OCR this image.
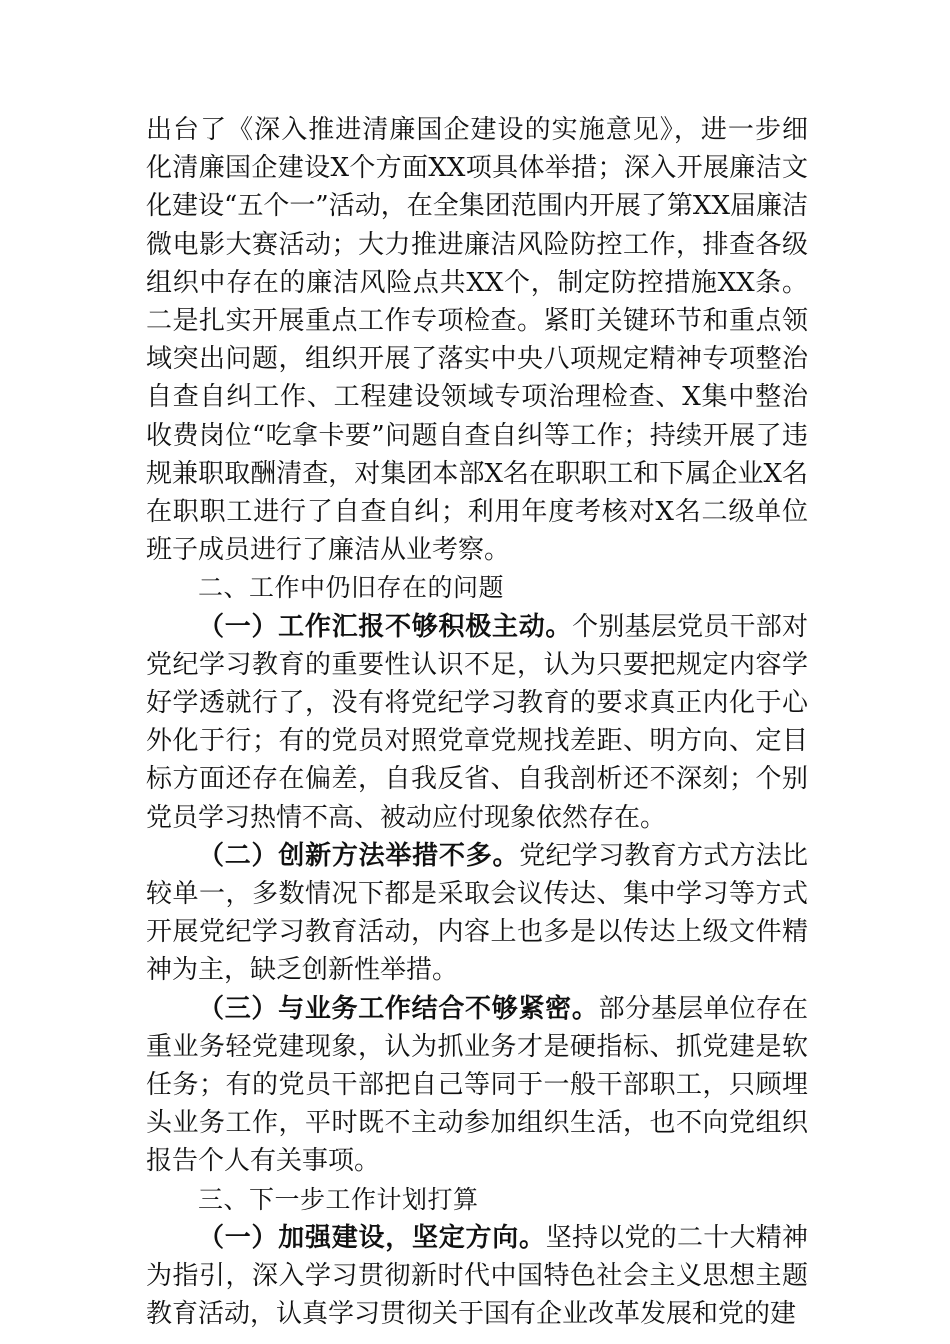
出台了《深入推进清廉国企建设的实施意见》，进一步细化清廉国企建设X个方面XX项具体举措；深入开展廉洁文化建设“五个一”活动，在全集团范围内开展了第XX届廉洁微电影大赛活动；大力推进廉洁风险防控工作，排查各级组织中存在的廉洁风险点共XX个，制定防控措施XX条。二是扎实开展重点工作专项检查。紧盯关键环节和重点领域突出问题，组织开展了落实中央八项规定精神专项整治自查自纠工作、工程建设领域专项治理检查、X集中整治收费岗位“吃拿卡要”问题自查自纠等工作；持续开展了违规兼职取酬清查，对集团本部X名在职职工和下属企业X名在职职工进行了自查自纠；利用年度考核对X名二级单位班子成员进行了廉洁从业考察。

二、工作中仍旧存在的问题

（一）工作汇报不够积极主动。个别基层党员干部对党纪学习教育的重要性认识不足，认为只要把规定内容学好学透就行了，没有将党纪学习教育的要求真正内化于心外化于行；有的党员对照党章党规找差距、明方向、定目标方面还存在偏差，自我反省、自我剖析还不深刻；个别党员学习热情不高、被动应付现象依然存在。

（二）创新方法举措不多。党纪学习教育方式方法比较单一，多数情况下都是采取会议传达、集中学习等方式开展党纪学习教育活动，内容上也多是以传达上级文件精神为主，缺乏创新性举措。

（三）与业务工作结合不够紧密。部分基层单位存在重业务轻党建现象，认为抓业务才是硬指标、抓党建是软任务；有的党员干部把自己等同于一般干部职工，只顾埋头业务工作，平时既不主动参加组织生活，也不向党组织报告个人有关事项。

三、下一步工作计划打算

（一）加强建设，坚定方向。坚持以党的二十大精神为指引，深入学习贯彻新时代中国特色社会主义思想主题教育活动，认真学习贯彻关于国有企业改革发展和党的建
